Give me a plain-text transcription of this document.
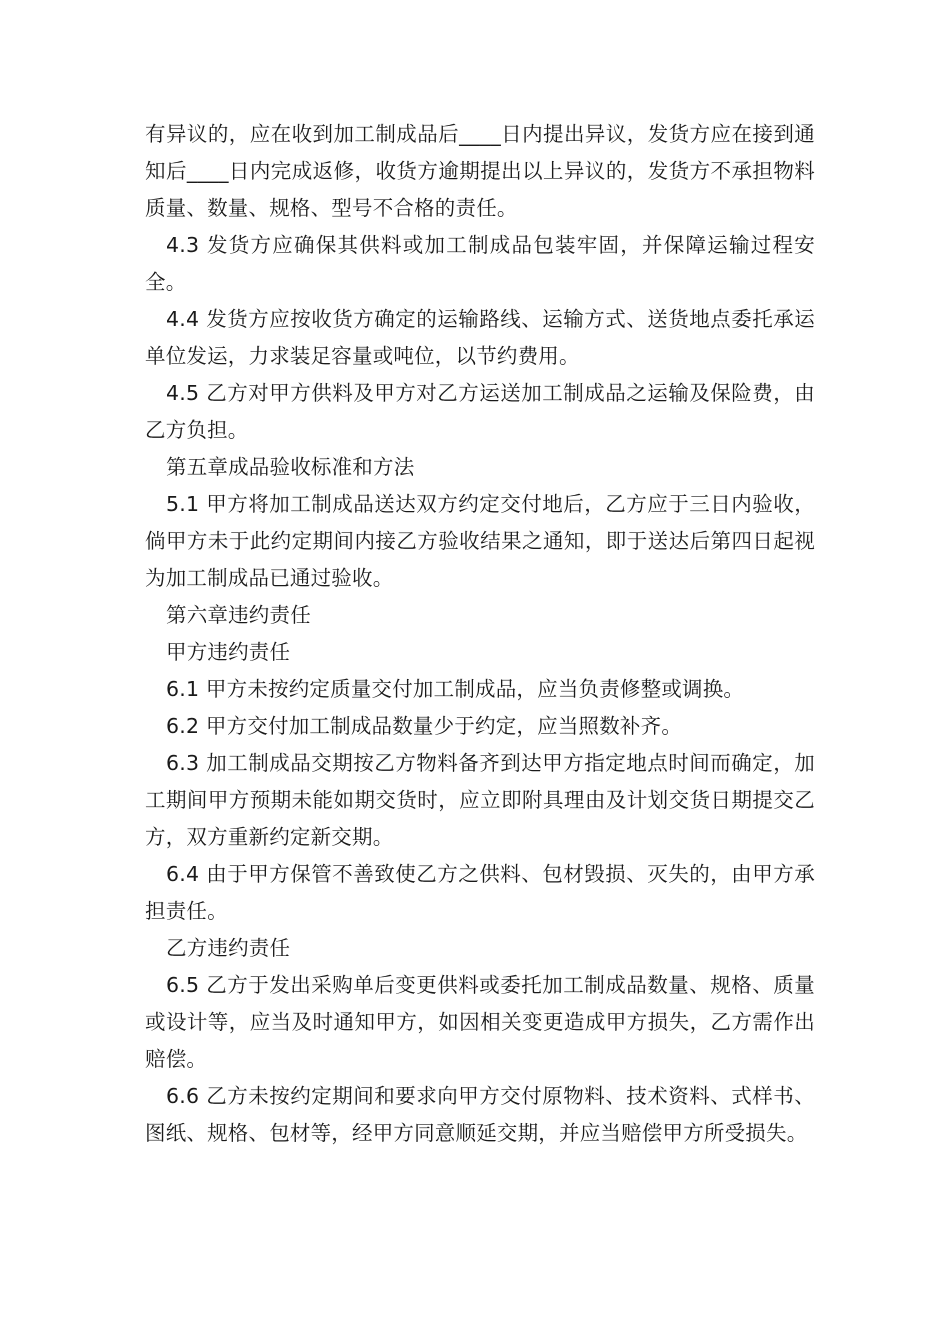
有异议的，应在收到加工制成品后____日内提出异议，发货方应在接到通知后____日内完成返修，收货方逾期提出以上异议的，发货方不承担物料质量、数量、规格、型号不合格的责任。

4.3 发货方应确保其供料或加工制成品包装牢固，并保障运输过程安全。

4.4 发货方应按收货方确定的运输路线、运输方式、送货地点委托承运单位发运，力求装足容量或吨位，以节约费用。

4.5 乙方对甲方供料及甲方对乙方运送加工制成品之运输及保险费，由乙方负担。

第五章成品验收标准和方法

5.1 甲方将加工制成品送达双方约定交付地后，乙方应于三日内验收，倘甲方未于此约定期间内接乙方验收结果之通知，即于送达后第四日起视为加工制成品已通过验收。

第六章违约责任

甲方违约责任

6.1 甲方未按约定质量交付加工制成品，应当负责修整或调换。

6.2 甲方交付加工制成品数量少于约定，应当照数补齐。

6.3 加工制成品交期按乙方物料备齐到达甲方指定地点时间而确定，加工期间甲方预期未能如期交货时，应立即附具理由及计划交货日期提交乙方，双方重新约定新交期。

6.4 由于甲方保管不善致使乙方之供料、包材毁损、灭失的，由甲方承担责任。

乙方违约责任

6.5 乙方于发出采购单后变更供料或委托加工制成品数量、规格、质量或设计等，应当及时通知甲方，如因相关变更造成甲方损失，乙方需作出赔偿。

6.6 乙方未按约定期间和要求向甲方交付原物料、技术资料、式样书、图纸、规格、包材等，经甲方同意顺延交期，并应当赔偿甲方所受损失。
